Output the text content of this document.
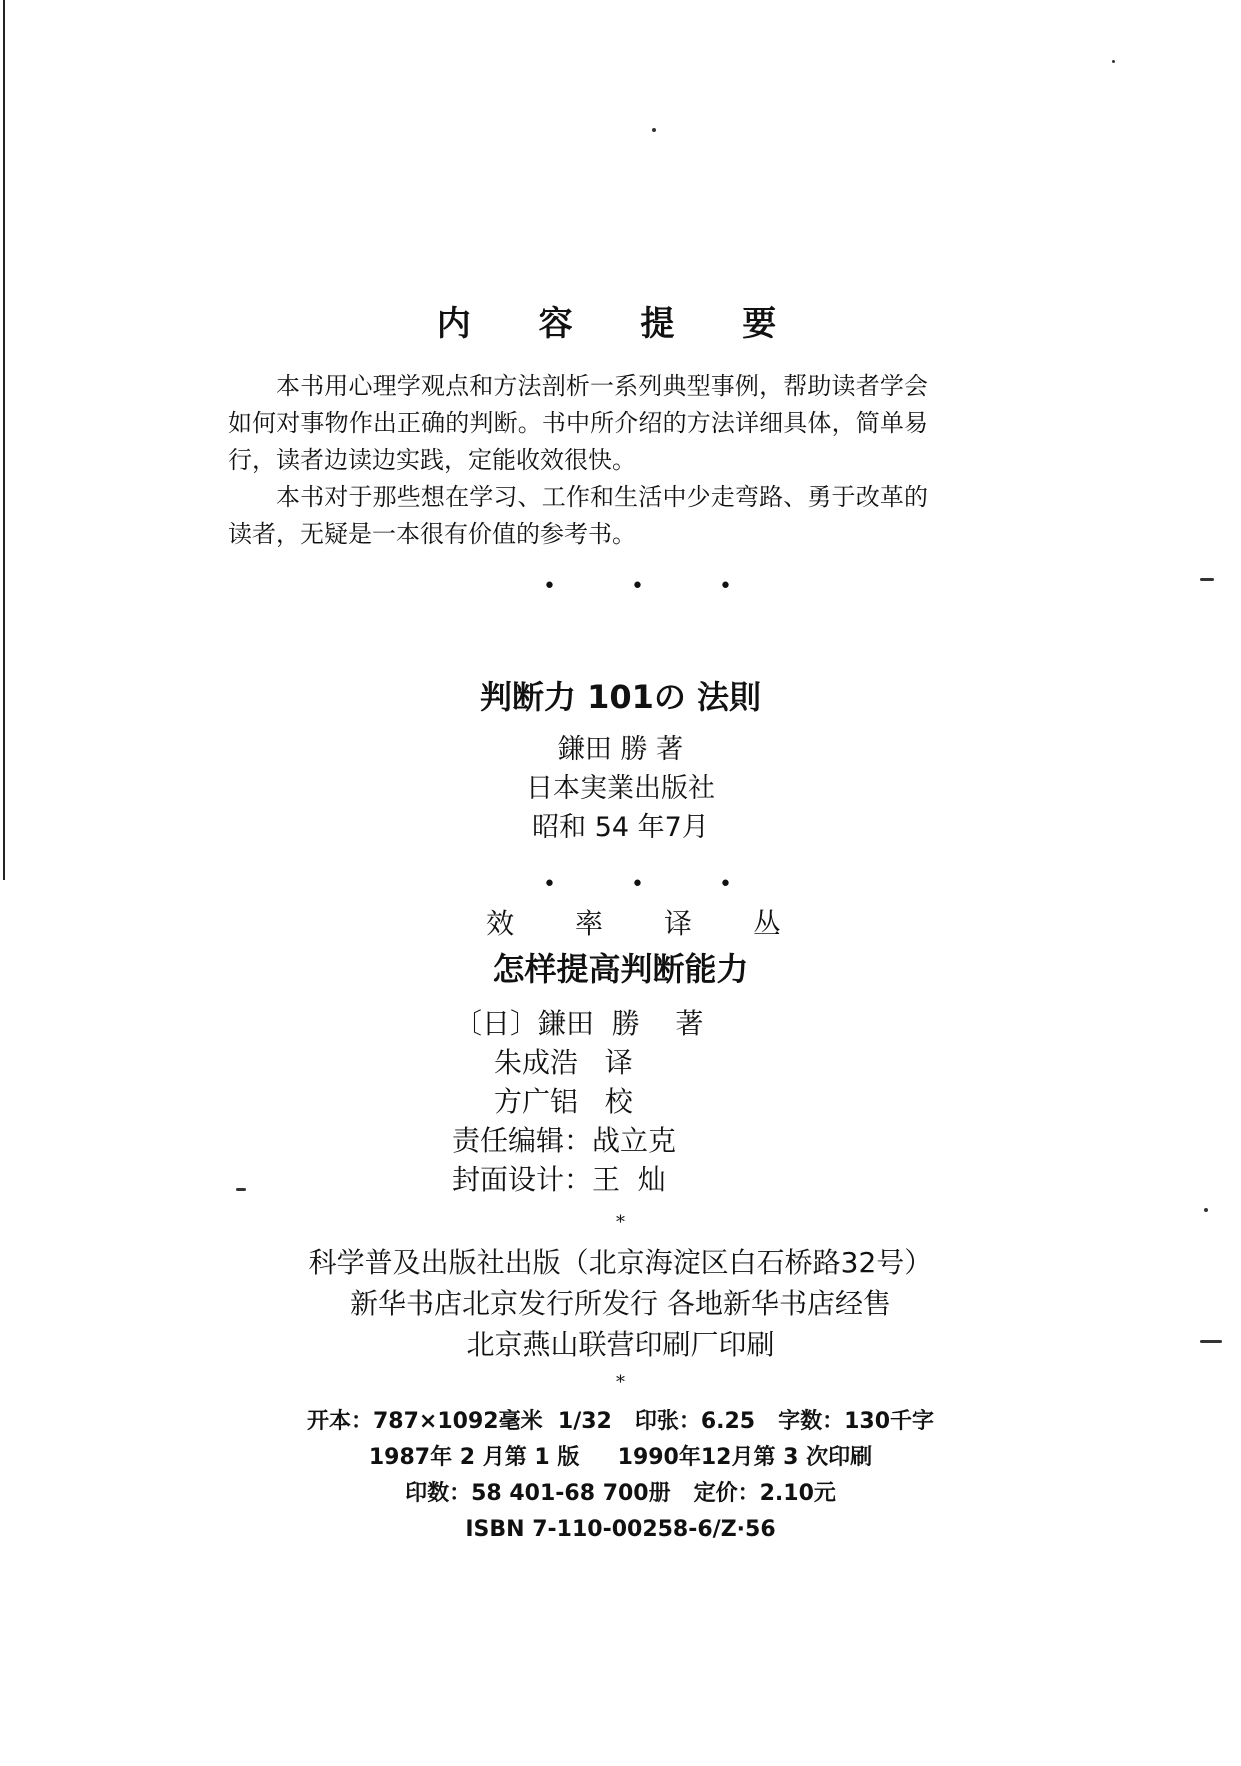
内 容 提 要

本书用心理学观点和方法剖析一系列典型事例，帮助读者学会如何对事物作出正确的判断。书中所介绍的方法详细具体，简单易行，读者边读边实践，定能收效很快。

本书对于那些想在学习、工作和生活中少走弯路、勇于改革的读者，无疑是一本很有价值的参考书。

• • •
判断力 101の 法則
鎌田 勝 著
日本実業出版社
昭和 54 年7月
• • •
效 率 译 丛
怎样提高判断能力
〔日〕鎌田  勝    著
朱成浩   译
方广铝   校
责任编辑：战立克
封面设计：王  灿
*
科学普及出版社出版（北京海淀区白石桥路32号）
新华书店北京发行所发行 各地新华书店经售
北京燕山联营印刷厂印刷
*
开本：787×1092毫米  1/32   印张：6.25   字数：130千字
1987年 2 月第 1 版     1990年12月第 3 次印刷
印数：58 401-68 700册   定价：2.10元
ISBN 7-110-00258-6/Z·56
